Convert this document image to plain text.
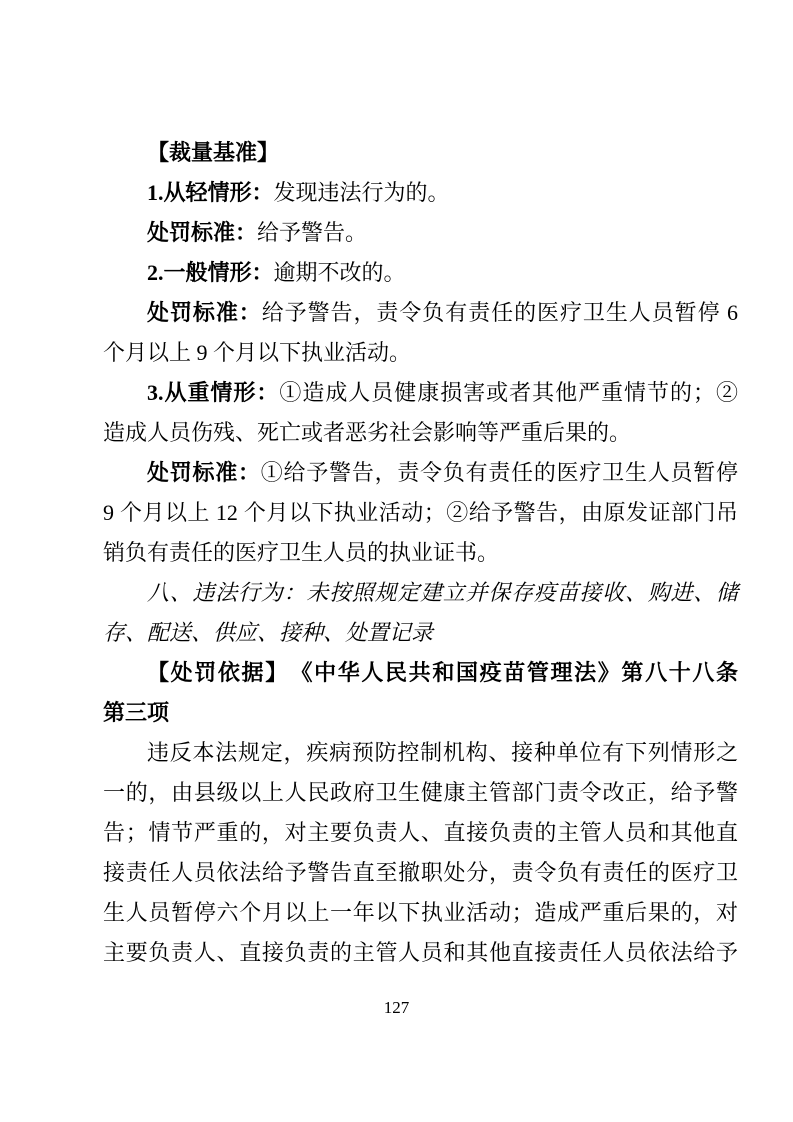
【裁量基准】
1.从轻情形：发现违法行为的。
处罚标准：给予警告。
2.一般情形：逾期不改的。
处罚标准：给予警告，责令负有责任的医疗卫生人员暂停 6
个月以上 9 个月以下执业活动。
3.从重情形：①造成人员健康损害或者其他严重情节的；②
造成人员伤残、死亡或者恶劣社会影响等严重后果的。
处罚标准：①给予警告，责令负有责任的医疗卫生人员暂停
9 个月以上 12 个月以下执业活动；②给予警告，由原发证部门吊
销负有责任的医疗卫生人员的执业证书。
八、违法行为：未按照规定建立并保存疫苗接收、购进、储
存、配送、供应、接种、处置记录
【处罚依据】　《中华人民共和国疫苗管理法》第八十八条
第三项
违反本法规定，疾病预防控制机构、接种单位有下列情形之
一的，由县级以上人民政府卫生健康主管部门责令改正，给予警
告；情节严重的，对主要负责人、直接负责的主管人员和其他直
接责任人员依法给予警告直至撤职处分，责令负有责任的医疗卫
生人员暂停六个月以上一年以下执业活动；造成严重后果的，对
主要负责人、直接负责的主管人员和其他直接责任人员依法给予
127
